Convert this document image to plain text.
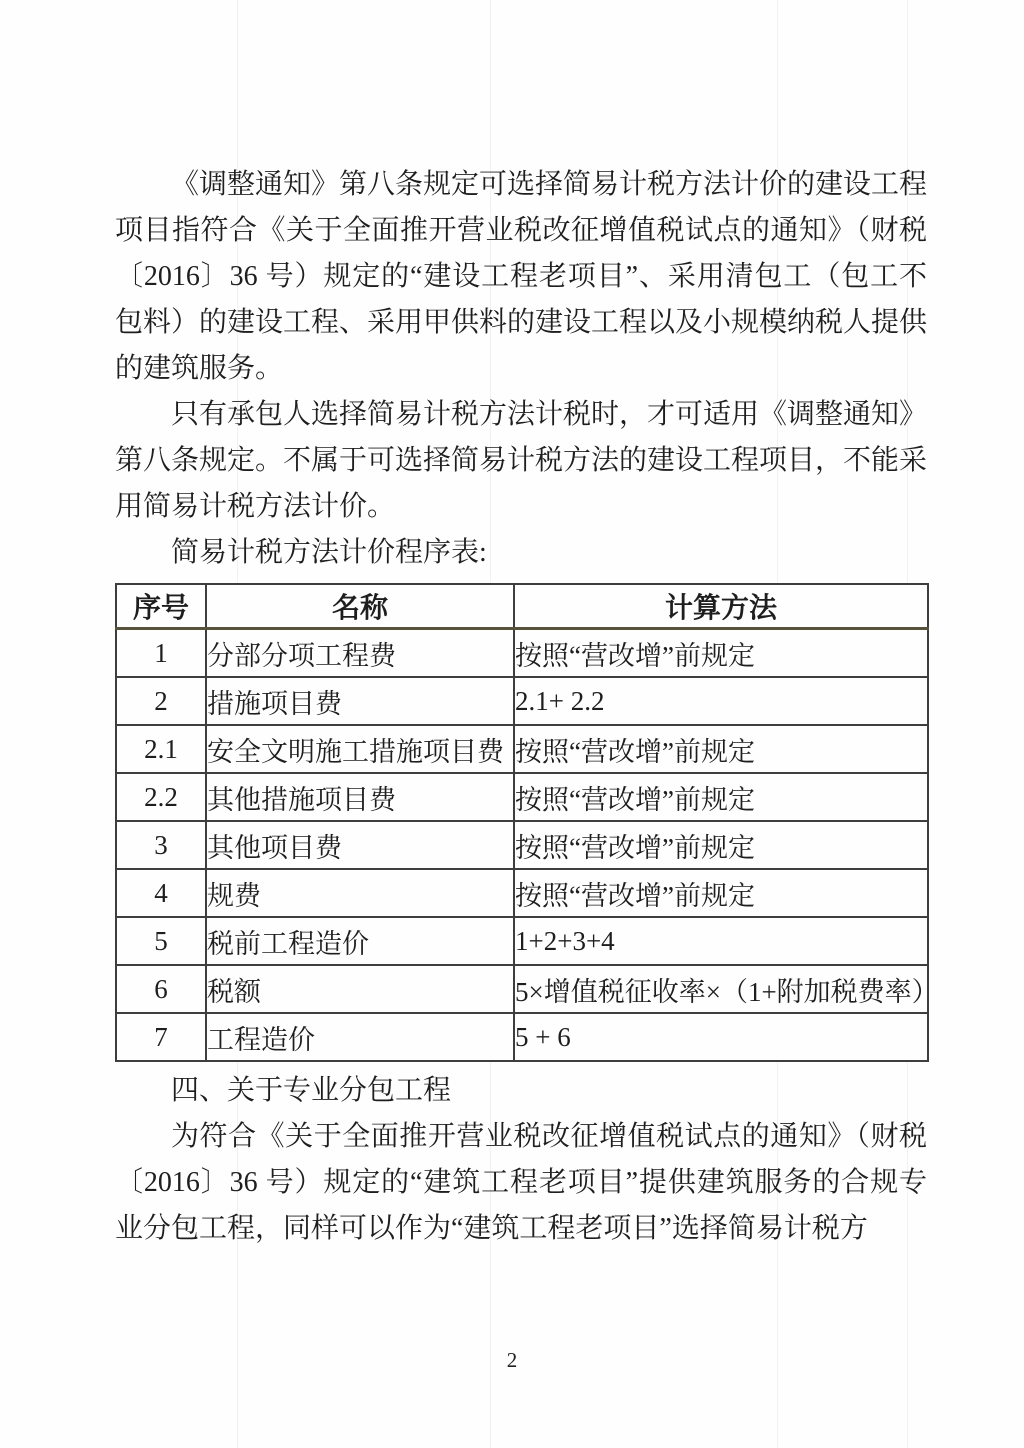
《调整通知》第八条规定可选择简易计税方法计价的建设工程项目指符合《关于全面推开营业税改征增值税试点的通知》（财税〔2016〕36 号）规定的“建设工程老项目”、采用清包工（包工不包料）的建设工程、采用甲供料的建设工程以及小规模纳税人提供的建筑服务。

只有承包人选择简易计税方法计税时，才可适用《调整通知》第八条规定。不属于可选择简易计税方法的建设工程项目，不能采用简易计税方法计价。

简易计税方法计价程序表:

序号	名称	计算方法
1	分部分项工程费	按照“营改增”前规定
2	措施项目费	2.1+ 2.2
2.1	安全文明施工措施项目费	按照“营改增”前规定
2.2	其他措施项目费	按照“营改增”前规定
3	其他项目费	按照“营改增”前规定
4	规费	按照“营改增”前规定
5	税前工程造价	1+2+3+4
6	税额	5×增值税征收率×（1+附加税费率）
7	工程造价	5 + 6

四、关于专业分包工程

为符合《关于全面推开营业税改征增值税试点的通知》（财税〔2016〕36 号）规定的“建筑工程老项目”提供建筑服务的合规专业分包工程，同样可以作为“建筑工程老项目”选择简易计税方

2
